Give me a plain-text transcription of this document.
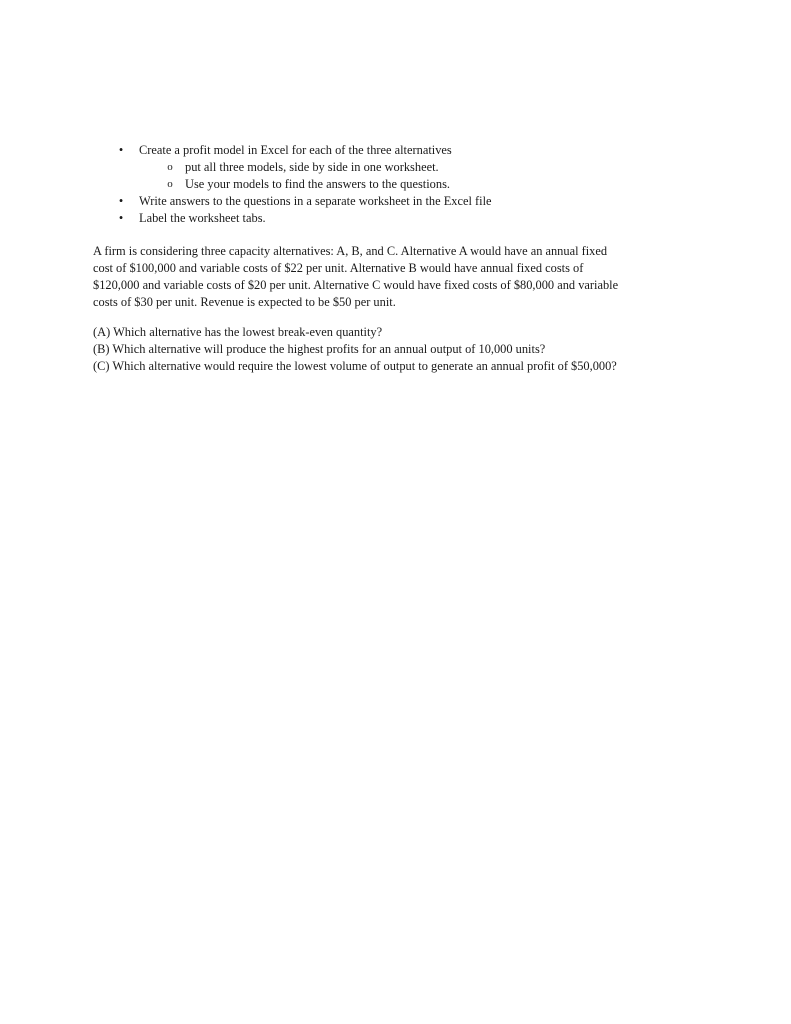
• Create a profit model in Excel for each of the three alternatives
o put all three models, side by side in one worksheet.
o Use your models to find the answers to the questions.
• Write answers to the questions in a separate worksheet in the Excel file
• Label the worksheet tabs.
A firm is considering three capacity alternatives: A, B, and C. Alternative A would have an annual fixed
cost of $100,000 and variable costs of $22 per unit. Alternative B would have annual fixed costs of
$120,000 and variable costs of $20 per unit. Alternative C would have fixed costs of $80,000 and variable
costs of $30 per unit. Revenue is expected to be $50 per unit.
(A) Which alternative has the lowest break-even quantity?
(B) Which alternative will produce the highest profits for an annual output of 10,000 units?
(C) Which alternative would require the lowest volume of output to generate an annual profit of $50,000?
